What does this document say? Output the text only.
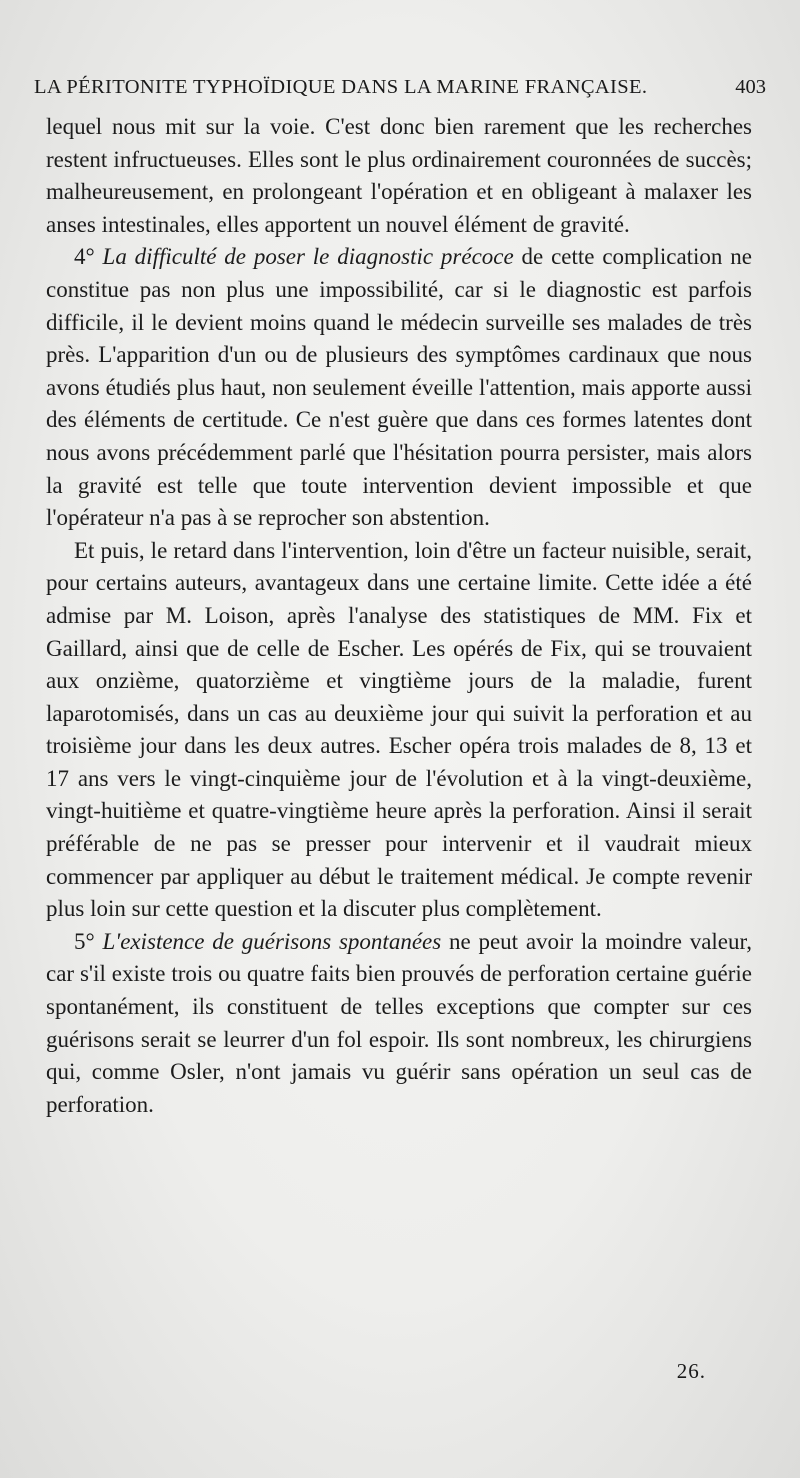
LA PÉRITONITE TYPHOÏDIQUE DANS LA MARINE FRANÇAISE.	403

lequel nous mit sur la voie. C'est donc bien rarement que les recherches restent infructueuses. Elles sont le plus ordinairement couronnées de succès; malheureusement, en prolongeant l'opération et en obligeant à malaxer les anses intestinales, elles apportent un nouvel élément de gravité.

4° La difficulté de poser le diagnostic précoce de cette complication ne constitue pas non plus une impossibilité, car si le diagnostic est parfois difficile, il le devient moins quand le médecin surveille ses malades de très près. L'apparition d'un ou de plusieurs des symptômes cardinaux que nous avons étudiés plus haut, non seulement éveille l'attention, mais apporte aussi des éléments de certitude. Ce n'est guère que dans ces formes latentes dont nous avons précédemment parlé que l'hésitation pourra persister, mais alors la gravité est telle que toute intervention devient impossible et que l'opérateur n'a pas à se reprocher son abstention.

Et puis, le retard dans l'intervention, loin d'être un facteur nuisible, serait, pour certains auteurs, avantageux dans une certaine limite. Cette idée a été admise par M. Loison, après l'analyse des statistiques de MM. Fix et Gaillard, ainsi que de celle de Escher. Les opérés de Fix, qui se trouvaient aux onzième, quatorzième et vingtième jours de la maladie, furent laparotomisés, dans un cas au deuxième jour qui suivit la perforation et au troisième jour dans les deux autres. Escher opéra trois malades de 8, 13 et 17 ans vers le vingt-cinquième jour de l'évolution et à la vingt-deuxième, vingt-huitième et quatre-vingtième heure après la perforation. Ainsi il serait préférable de ne pas se presser pour intervenir et il vaudrait mieux commencer par appliquer au début le traitement médical. Je compte revenir plus loin sur cette question et la discuter plus complètement.

5° L'existence de guérisons spontanées ne peut avoir la moindre valeur, car s'il existe trois ou quatre faits bien prouvés de perforation certaine guérie spontanément, ils constituent de telles exceptions que compter sur ces guérisons serait se leurrer d'un fol espoir. Ils sont nombreux, les chirurgiens qui, comme Osler, n'ont jamais vu guérir sans opération un seul cas de perforation.

26.
